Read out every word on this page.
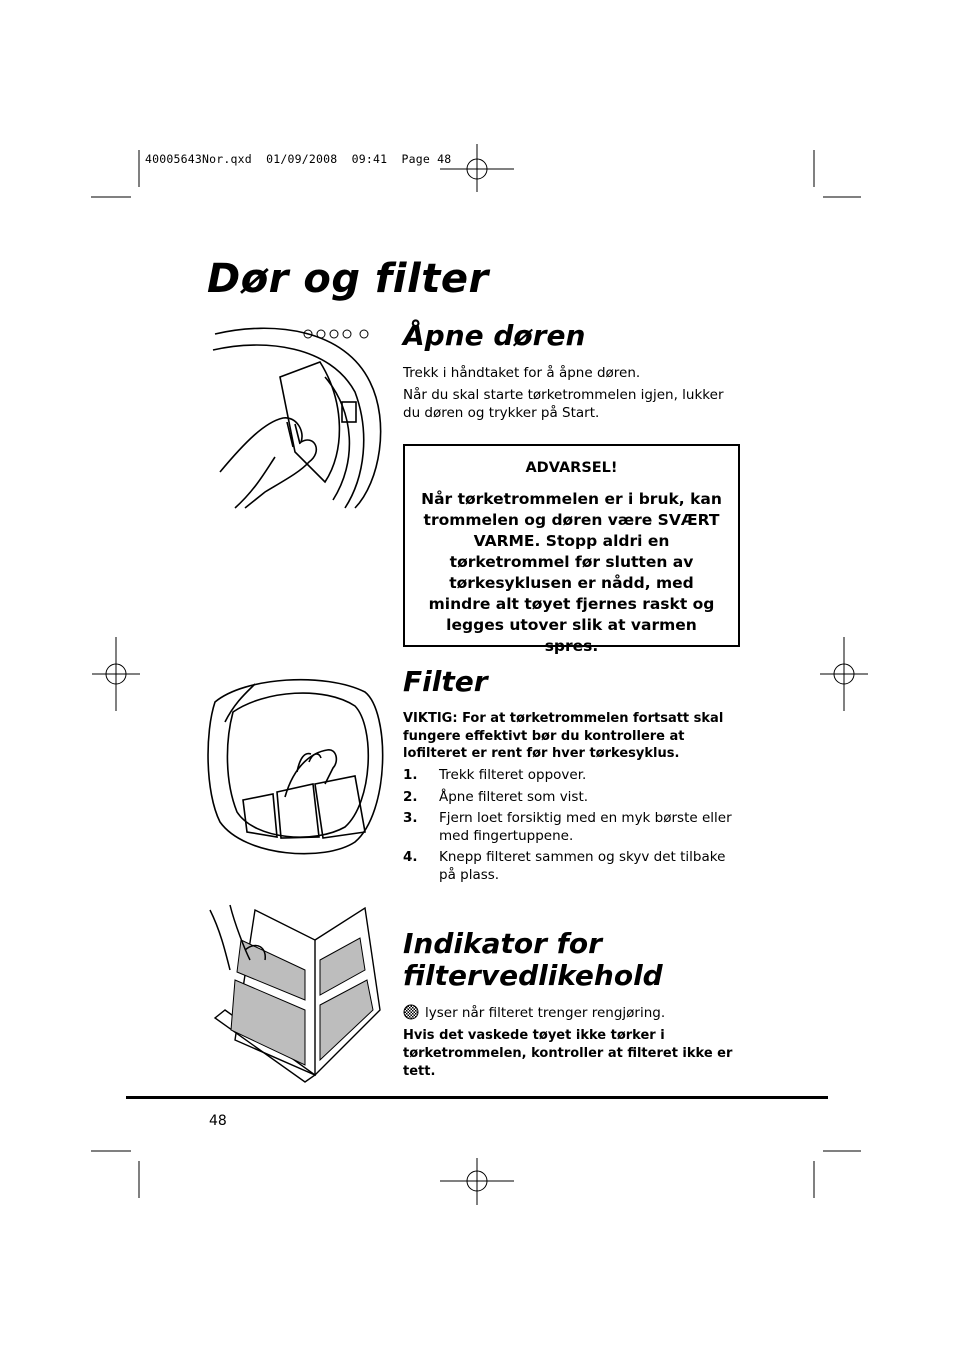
40005643Nor.qxd  01/09/2008  09:41  Page 48
Dør og filter
Åpne døren
Trekk i håndtaket for å åpne døren.
Når du skal starte tørketrommelen igjen, lukker du døren og trykker på Start.
ADVARSEL!
Når tørketrommelen er i bruk, kan trommelen og døren være SVÆRT VARME. Stopp aldri en tørketrommel før slutten av tørkesyklusen er nådd, med mindre alt tøyet fjernes raskt og legges utover slik at varmen spres.
Filter
VIKTIG: For at tørketrommelen fortsatt skal fungere effektivt bør du kontrollere at lofilteret er rent før hver tørkesyklus.
1. Trekk filteret oppover.
2. Åpne filteret som vist.
3. Fjern loet forsiktig med en myk børste eller med fingertuppene.
4. Knepp filteret sammen og skyv det tilbake på plass.
Indikator for
filtervedlikehold
lyser når filteret trenger rengjøring.
Hvis det vaskede tøyet ikke tørker i tørketrommelen, kontroller at filteret ikke er tett.
48
